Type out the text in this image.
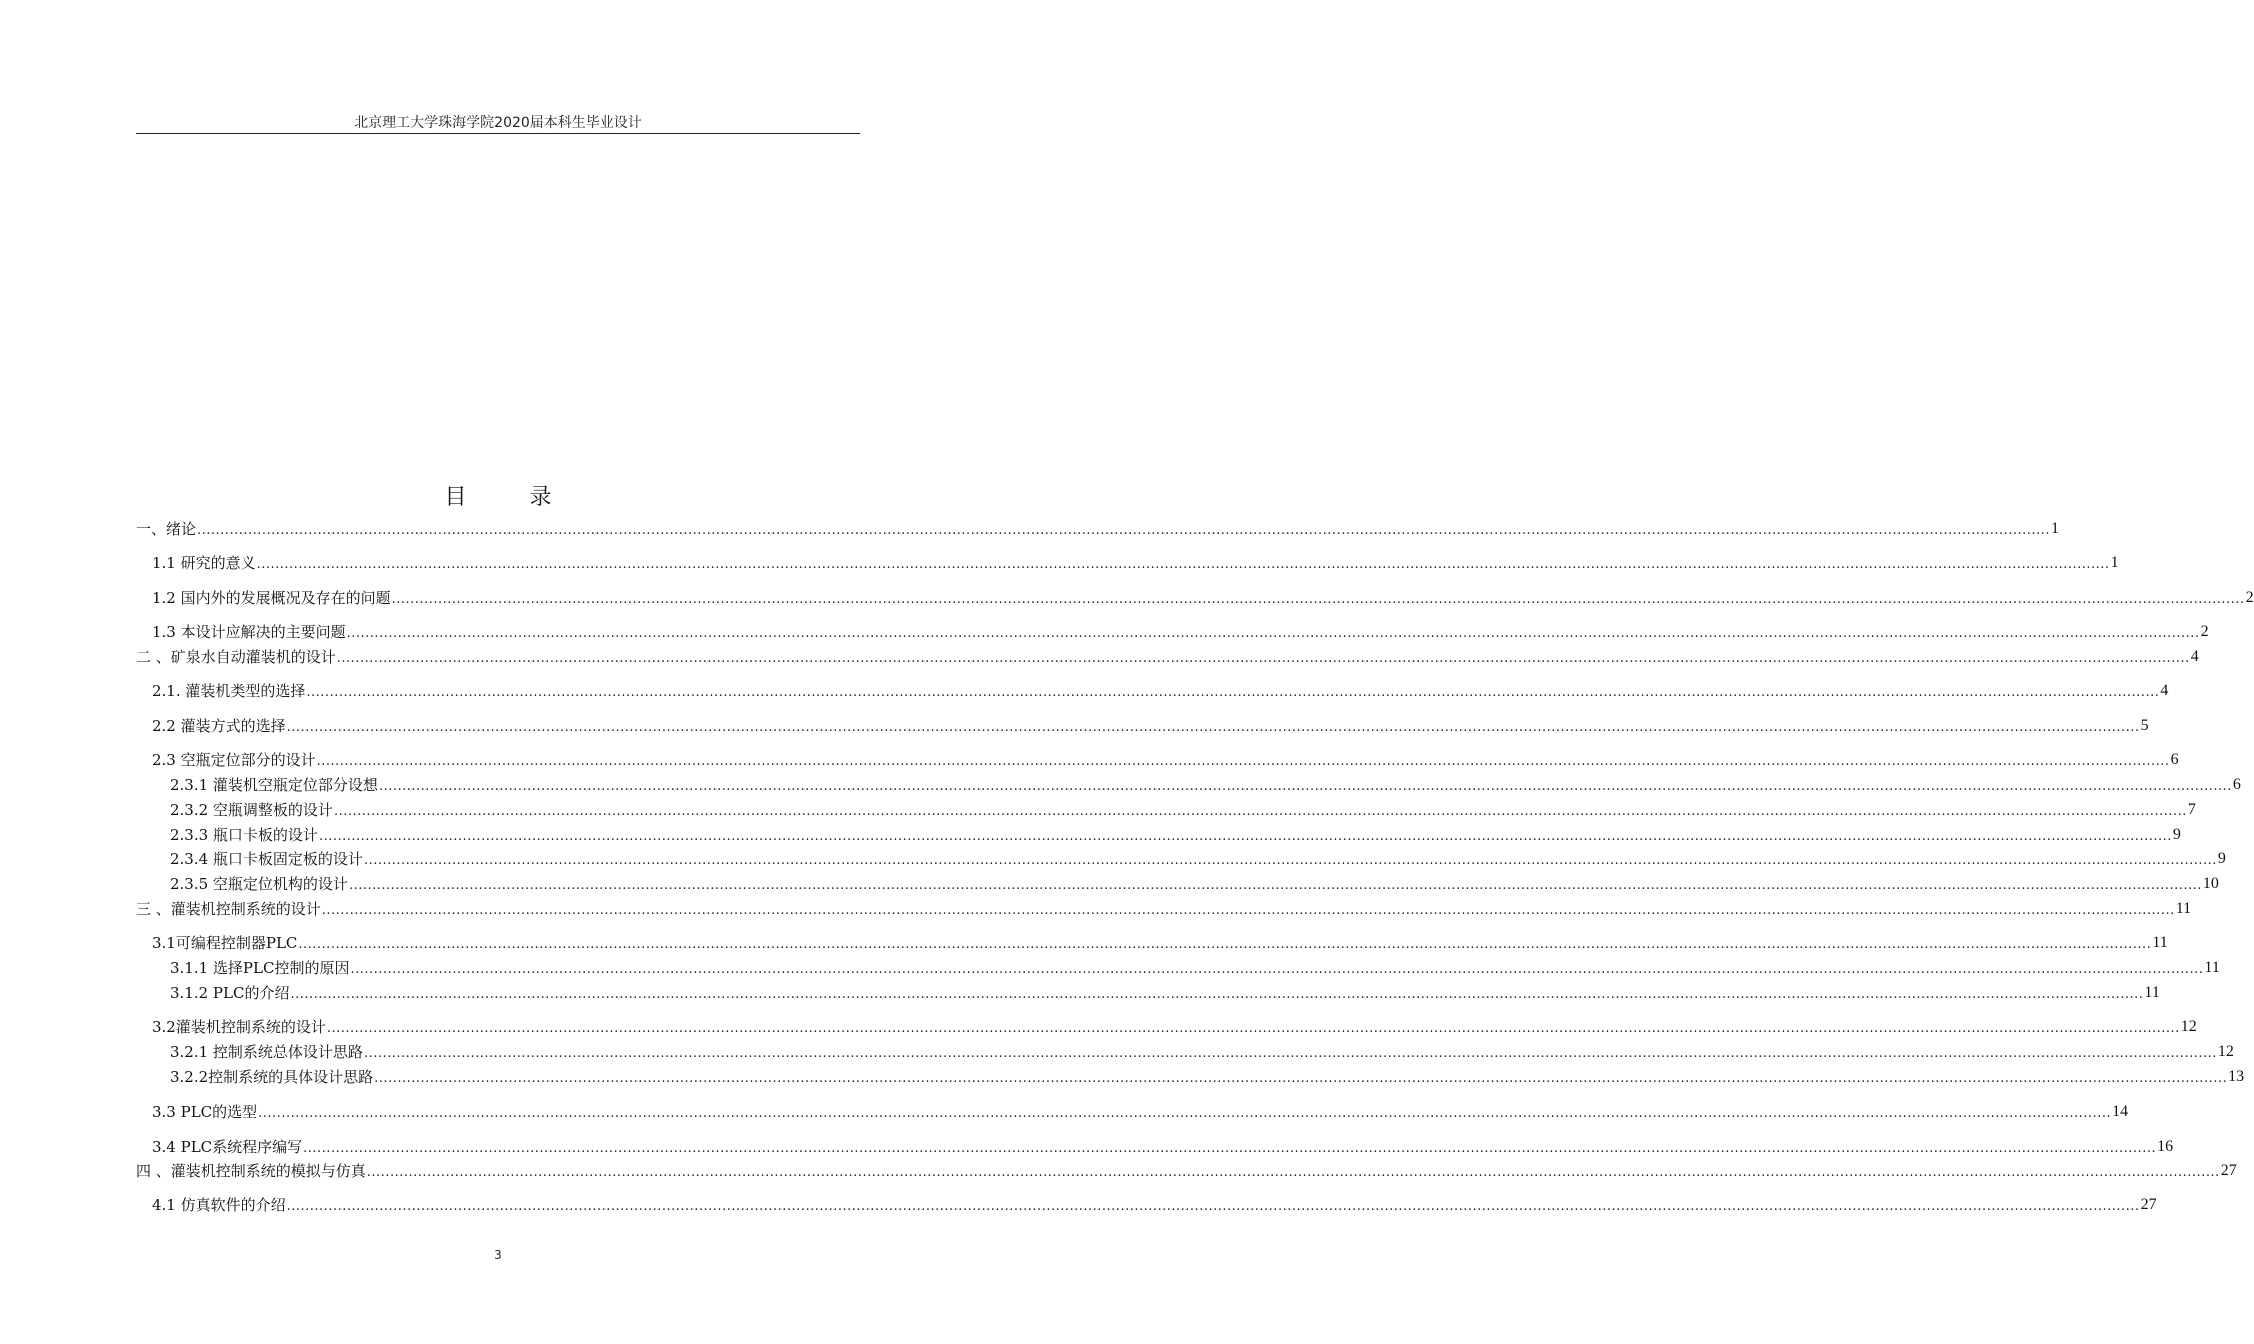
北京理工大学珠海学院2020届本科生毕业设计
目 录
一、绪论 ................................................................................................................................................................................................................................................................................................................................................................................................................ 1
1.1 研究的意义 ................................................................................................................................................................................................................................................................................................................................................................................................................ 1
1.2 国内外的发展概况及存在的问题 ................................................................................................................................................................................................................................................................................................................................................................................................................ 2
1.3 本设计应解决的主要问题 ................................................................................................................................................................................................................................................................................................................................................................................................................ 2
二 、矿泉水自动灌装机的设计 ................................................................................................................................................................................................................................................................................................................................................................................................................ 4
2.1. 灌装机类型的选择 ................................................................................................................................................................................................................................................................................................................................................................................................................ 4
2.2 灌装方式的选择 ................................................................................................................................................................................................................................................................................................................................................................................................................ 5
2.3 空瓶定位部分的设计 ................................................................................................................................................................................................................................................................................................................................................................................................................ 6
2.3.1 灌装机空瓶定位部分设想 ................................................................................................................................................................................................................................................................................................................................................................................................................ 6
2.3.2 空瓶调整板的设计 ................................................................................................................................................................................................................................................................................................................................................................................................................ 7
2.3.3 瓶口卡板的设计 ................................................................................................................................................................................................................................................................................................................................................................................................................ 9
2.3.4 瓶口卡板固定板的设计 ................................................................................................................................................................................................................................................................................................................................................................................................................ 9
2.3.5 空瓶定位机构的设计 ................................................................................................................................................................................................................................................................................................................................................................................................................ 10
三 、灌装机控制系统的设计 ................................................................................................................................................................................................................................................................................................................................................................................................................ 11
3.1可编程控制器PLC ................................................................................................................................................................................................................................................................................................................................................................................................................ 11
3.1.1 选择PLC控制的原因 ................................................................................................................................................................................................................................................................................................................................................................................................................ 11
3.1.2 PLC的介绍 ................................................................................................................................................................................................................................................................................................................................................................................................................ 11
3.2灌装机控制系统的设计 ................................................................................................................................................................................................................................................................................................................................................................................................................ 12
3.2.1 控制系统总体设计思路 ................................................................................................................................................................................................................................................................................................................................................................................................................ 12
3.2.2控制系统的具体设计思路 ................................................................................................................................................................................................................................................................................................................................................................................................................ 13
3.3 PLC的选型 ................................................................................................................................................................................................................................................................................................................................................................................................................ 14
3.4 PLC系统程序编写 ................................................................................................................................................................................................................................................................................................................................................................................................................ 16
四 、灌装机控制系统的模拟与仿真 ................................................................................................................................................................................................................................................................................................................................................................................................................ 27
4.1 仿真软件的介绍 ................................................................................................................................................................................................................................................................................................................................................................................................................ 27
3
